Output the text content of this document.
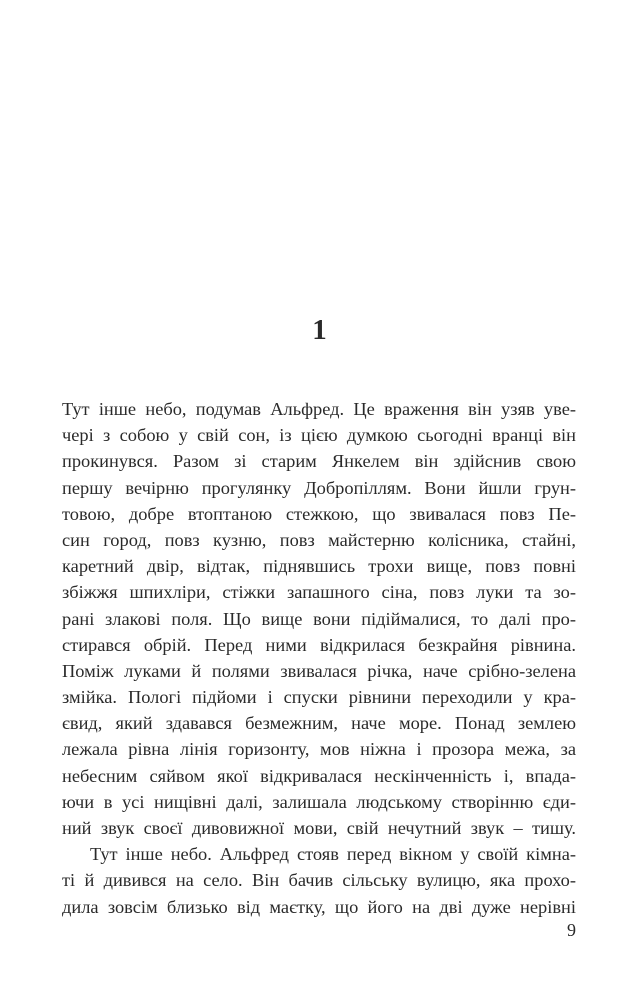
1
Тут інше небо, подумав Альфред. Це враження він узяв уве-
чері з собою у свій сон, із цією думкою сьогодні вранці він
прокинувся. Разом зі старим Янкелем він здійснив свою
першу вечірню прогулянку Добропіллям. Вони йшли грун-
товою, добре втоптаною стежкою, що звивалася повз Пе-
син город, повз кузню, повз майстерню колісника, стайні,
каретний двір, відтак, піднявшись трохи вище, повз повні
збіжжя шпихліри, стіжки запашного сіна, повз луки та зо-
рані злакові поля. Що вище вони підіймалися, то далі про-
стирався обрій. Перед ними відкрилася безкрайня рівнина.
Поміж луками й полями звивалася річка, наче срібно-зелена
змійка. Пологі підйоми і спуски рівнини переходили у кра-
євид, який здавався безмежним, наче море. Понад землею
лежала рівна лінія горизонту, мов ніжна і прозора межа, за
небесним сяйвом якої відкривалася нескінченність і, впада-
ючи в усі нищівні далі, залишала людському створінню єди-
ний звук своєї дивовижної мови, свій нечутний звук – тишу.
Тут інше небо. Альфред стояв перед вікном у своїй кімна-
ті й дивився на село. Він бачив сільську вулицю, яка прохо-
дила зовсім близько від маєтку, що його на дві дуже нерівні
9
